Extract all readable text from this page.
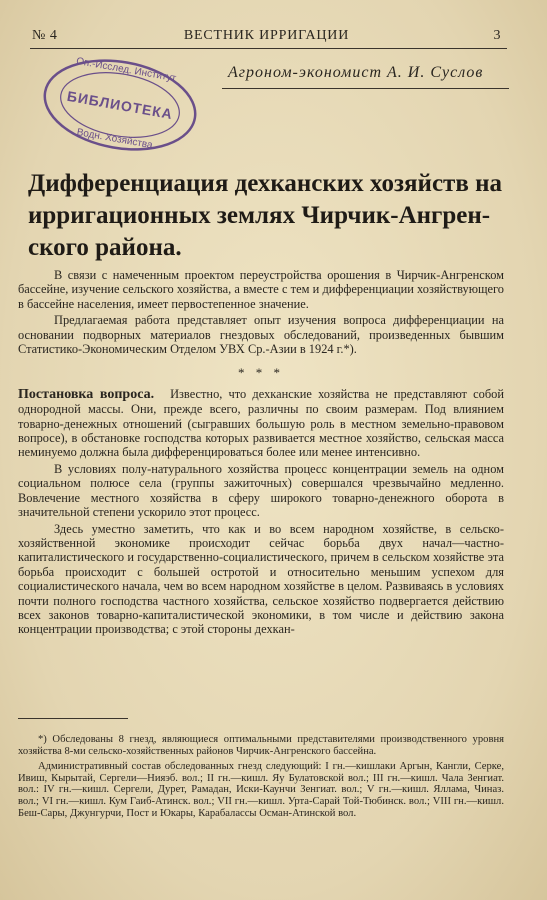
№ 4	ВЕСТНИК ИРРИГАЦИИ	3
БИБЛИОТЕКА
Оп.-Исслед. Институт
Водн. Хозяйства.
Агроном-экономист А. И. Суслов
Дифференциация дехканских хозяйств на
ирригационных землях Чирчик-Ангрен-
ского района.

В связи с намеченным проектом переустройства орошения в Чирчик-Ангренском бассейне, изучение сельского хозяйства, а вместе с тем и дифференциации хозяйствующего в бассейне населения, имеет первостепенное значение.

Предлагаемая работа представляет опыт изучения вопроса дифференциации на основании подворных материалов гнездовых обследований, произведенных бывшим Статистико-Экономическим Отделом УВХ Ср.-Азии в 1924 г.*).

* * *

Постановка вопроса. Известно, что дехканские хозяйства не представляют собой однородной массы. Они, прежде всего, различны по своим размерам. Под влиянием товарно-денежных отношений (сыгравших большую роль в местном земельно-правовом вопросе), в обстановке господства которых развивается местное хозяйство, сельская масса неминуемо должна была дифференцироваться более или менее интенсивно.

В условиях полу-натурального хозяйства процесс концентрации земель на одном социальном полюсе села (группы зажиточных) совершался чрезвычайно медленно. Вовлечение местного хозяйства в сферу широкого товарно-денежного оборота в значительной степени ускорило этот процесс.

Здесь уместно заметить, что как и во всем народном хозяйстве, в сельско-хозяйственной экономике происходит сейчас борьба двух начал—частно-капиталистического и государственно-социалистического, причем в сельском хозяйстве эта борьба происходит с большей остротой и относительно меньшим успехом для социалистического начала, чем во всем народном хозяйстве в целом. Развиваясь в условиях почти полного господства частного хозяйства, сельское хозяйство подвергается действию всех законов товарно-капиталистической экономики, в том числе и действию закона концентрации производства; с этой стороны дехкан-

*) Обследованы 8 гнезд, являющиеся оптимальными представителями производственного уровня хозяйства 8-ми сельско-хозяйственных районов Чирчик-Ангренского бассейна.

Административный состав обследованных гнезд следующий: I гн.—кишлаки Аргын, Кангли, Серке, Ивиш, Кырытай, Сергели—Нияэб. вол.; II гн.—кишл. Яу Булатовской вол.; III гн.—кишл. Чала Зенгиат. вол.: IV гн.—кишл. Сергели, Дурет, Рамадан, Иски-Каунчи Зенгиат. вол.; V гн.—кишл. Яллама, Чиназ. вол.; VI гн.—кишл. Кум Гаиб-Атинск. вол.; VII гн.—кишл. Урта-Сарай Той-Тюбинск. вол.; VIII гн.—кишл. Беш-Сары, Джунгурчи, Пост и Юкары, Карабалассы Осман-Атинской вол.
